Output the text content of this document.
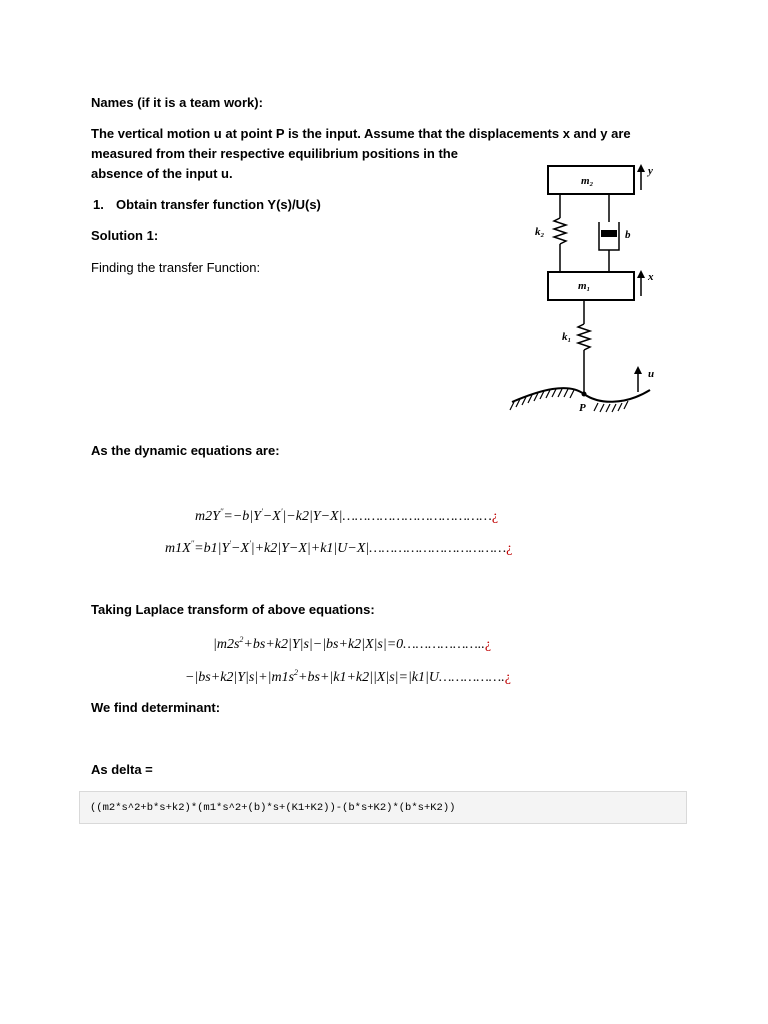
Names (if it is a team work):
The vertical motion u at point P is the input. Assume that the displacements x and y are
measured from their respective equilibrium positions in the
absence of the input u.
1. Obtain transfer function Y(s)/U(s)
Solution 1:
Finding the transfer Function:
m₂
y
k₂	b
m₁
x
k₁
u
P
As the dynamic equations are:
m2Y′′=−b|Y′−X′|−k2|Y−X|………………………………¿
m1X′′=b1|Y′−X′|+k2|Y−X|+k1|U−X|……………………………¿
Taking Laplace transform of above equations:
$|m2s^2+bs+k2|Y|s|-|bs+k2|X|s|=0\dots\dots\dots\dots\dots\dots..¿$
$-|bs+k2|Y|s|+|m1s^2+bs+|k1+k2||X|s|=|k1|U\dots\dots\dots\dots\dots.¿$
We find determinant:
As delta =
((m2*s^2+b*s+k2)*(m1*s^2+(b)*s+(K1+K2))-(b*s+K2)*(b*s+K2))
